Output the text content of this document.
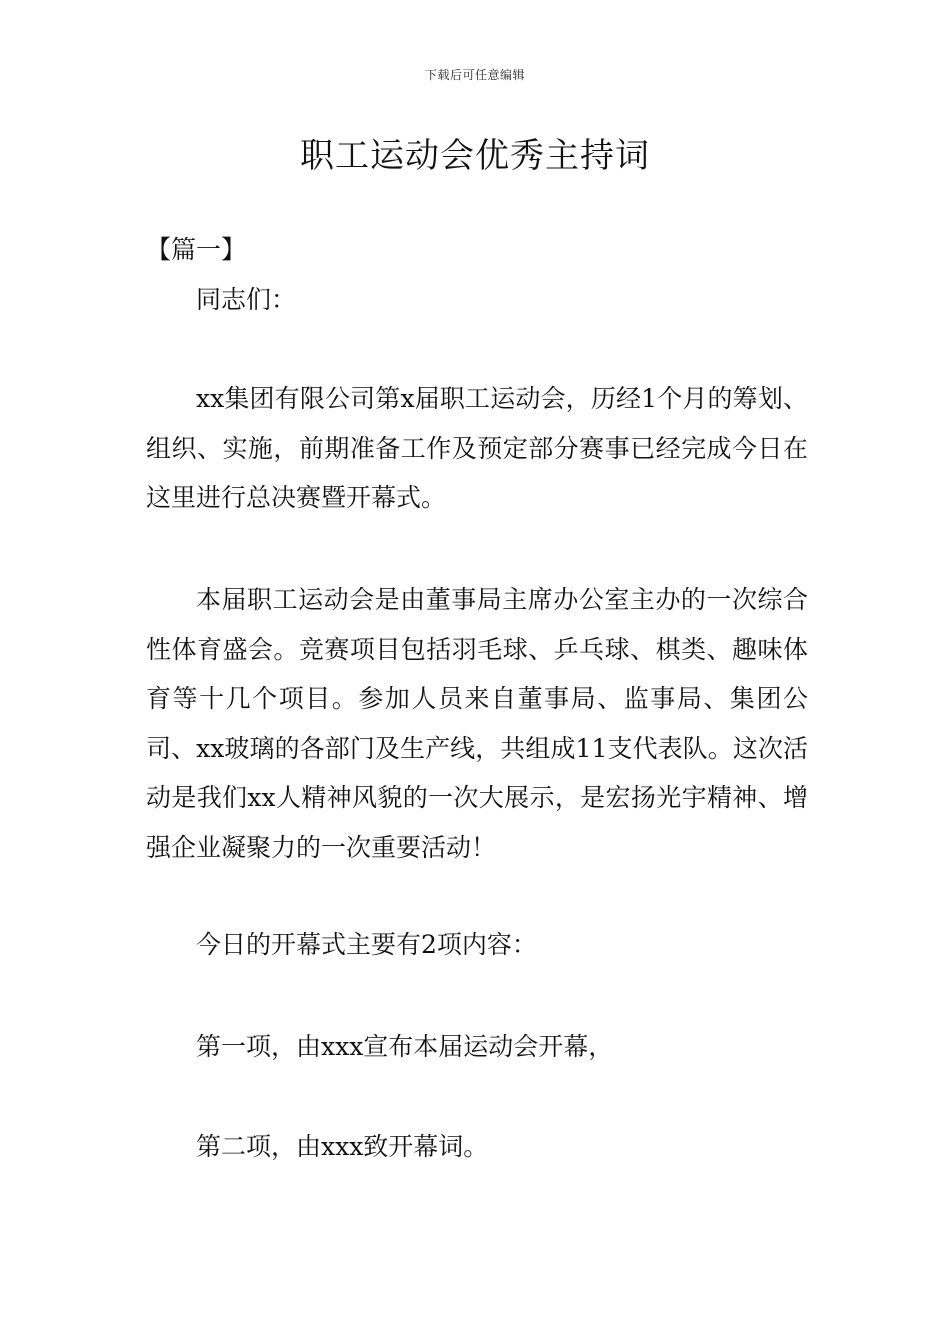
下载后可任意编辑
职工运动会优秀主持词
【篇一】
同志们：

xx集团有限公司第x届职工运动会，历经1个月的筹划、组织、实施，前期准备工作及预定部分赛事已经完成今日在这里进行总决赛暨开幕式。

本届职工运动会是由董事局主席办公室主办的一次综合性体育盛会。竞赛项目包括羽毛球、乒乓球、棋类、趣味体育等十几个项目。参加人员来自董事局、监事局、集团公司、xx玻璃的各部门及生产线，共组成11支代表队。这次活动是我们xx人精神风貌的一次大展示，是宏扬光宇精神、增强企业凝聚力的一次重要活动！

今日的开幕式主要有2项内容：

第一项，由xxx宣布本届运动会开幕，

第二项，由xxx致开幕词。
